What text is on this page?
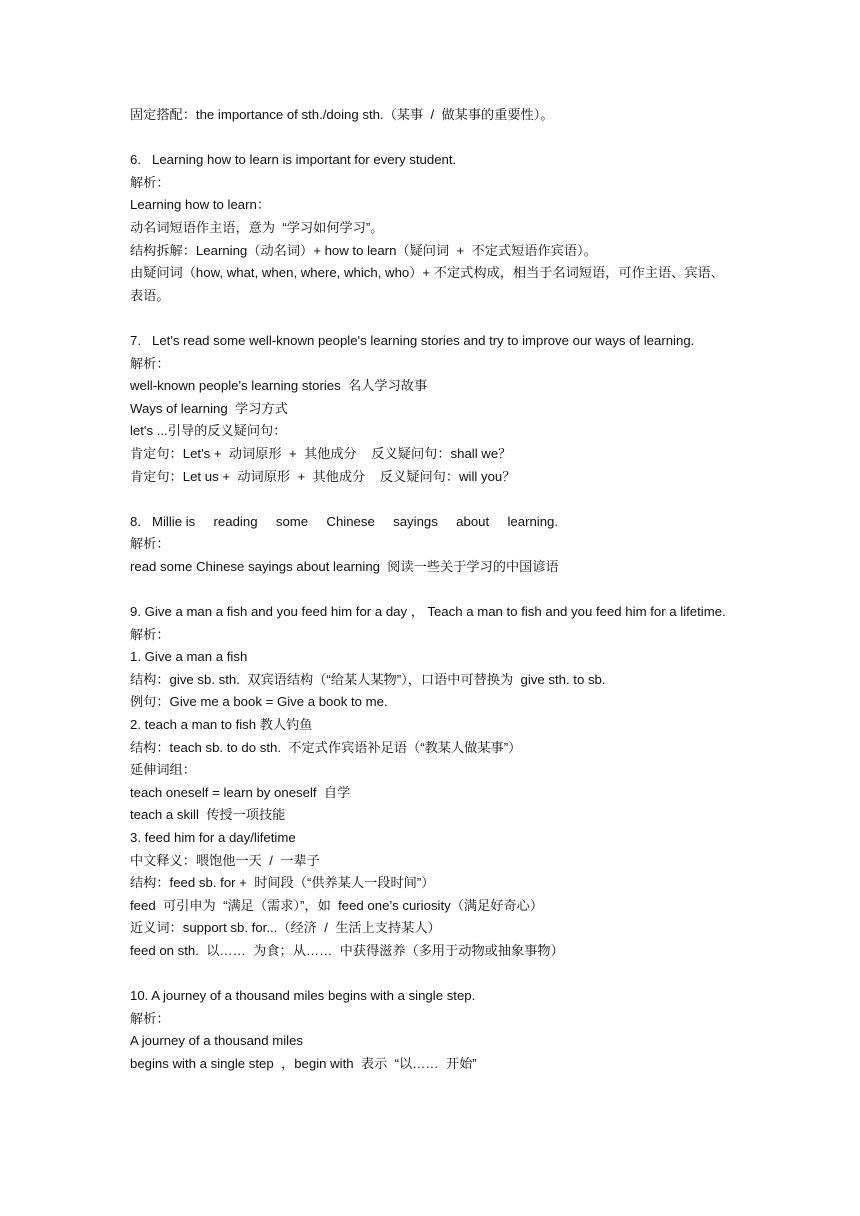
固定搭配：the importance of sth./doing sth.（某事  /  做某事的重要性）。
6.   Learning how to learn is important for every student.
解析：
Learning how to learn：
动名词短语作主语，意为  “学习如何学习”。
结构拆解：Learning（动名词）+ how to learn（疑问词  +  不定式短语作宾语）。
由疑问词（how, what, when, where, which, who）+ 不定式构成，相当于名词短语，可作主语、宾语、表语。
7.   Let's read some well-known people's learning stories and try to improve our ways of learning.
解析：
well-known people's learning stories  名人学习故事
Ways of learning  学习方式
let's ...引导的反义疑问句：
肯定句：Let's +  动词原形  +  其他成分    反义疑问句：shall we？
肯定句：Let us +  动词原形  +  其他成分    反义疑问句：will you？
8.   Millie is     reading     some     Chinese     sayings     about     learning.
解析：
read some Chinese sayings about learning  阅读一些关于学习的中国谚语
9. Give a man a fish and you feed him for a day ， Teach a man to fish and you feed him for a lifetime.
解析：
1. Give a man a fish
结构：give sb. sth.  双宾语结构（“给某人某物”），口语中可替换为  give sth. to sb.
例句：Give me a book = Give a book to me.
2. teach a man to fish 教人钓鱼
结构：teach sb. to do sth.  不定式作宾语补足语（“教某人做某事”）
延伸词组：
teach oneself = learn by oneself  自学
teach a skill  传授一项技能
3. feed him for a day/lifetime
中文释义：喂饱他一天  /  一辈子
结构：feed sb. for +  时间段（“供养某人一段时间”）
feed  可引申为  “满足（需求）”，如  feed one’s curiosity（满足好奇心）
近义词：support sb. for...（经济  /  生活上支持某人）
feed on sth.  以……  为食；从……  中获得滋养（多用于动物或抽象事物）
10. A journey of a thousand miles begins with a single step.
解析：
A journey of a thousand miles
begins with a single step  ，begin with  表示  “以……  开始”
